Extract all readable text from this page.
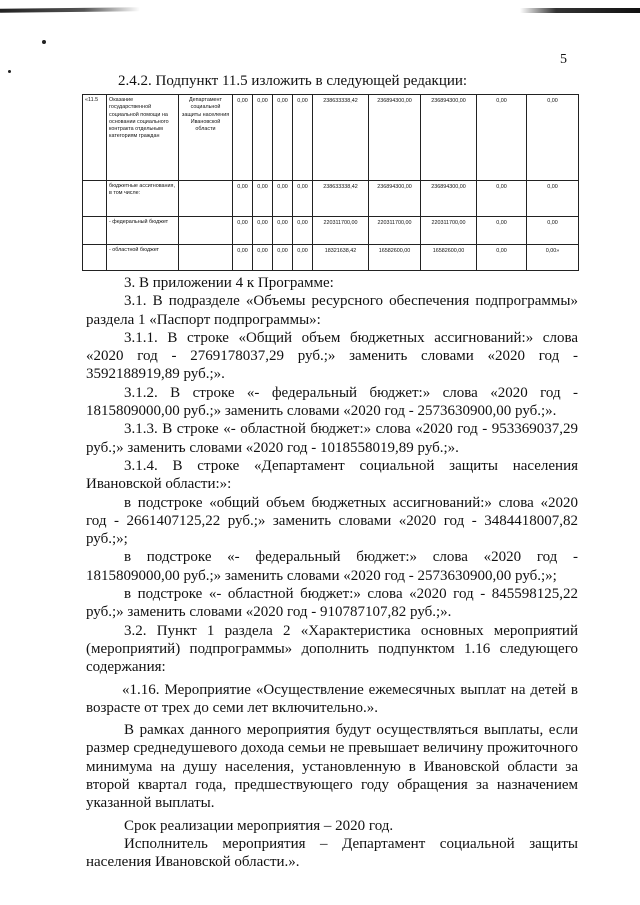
5
2.4.2. Подпункт 11.5 изложить в следующей редакции:
«11.5	Оказание государственной социальной помощи на основании социального контракта отдельным категориям граждан	Департамент социальной защиты населения Ивановской области	0,00	0,00	0,00	0,00	238633338,42	236894300,00	236894300,00	0,00	0,00
	бюджетные ассигнования, в том числе:		0,00	0,00	0,00	0,00	238633338,42	236894300,00	236894300,00	0,00	0,00
	- федеральный бюджет		0,00	0,00	0,00	0,00	220311700,00	220311700,00	220311700,00	0,00	0,00
	- областной бюджет		0,00	0,00	0,00	0,00	18321638,42	16582600,00	16582600,00	0,00	0,00»

3. В приложении 4 к Программе:

3.1. В подразделе «Объемы ресурсного обеспечения подпрограммы» раздела 1 «Паспорт подпрограммы»:

3.1.1. В строке «Общий объем бюджетных ассигнований:» слова «2020 год - 2769178037,29 руб.;» заменить словами «2020 год - 3592188919,89 руб.;».

3.1.2. В строке «- федеральный бюджет:» слова «2020 год - 1815809000,00 руб.;» заменить словами «2020 год - 2573630900,00 руб.;».

3.1.3. В строке «- областной бюджет:» слова «2020 год - 953369037,29 руб.;» заменить словами «2020 год - 1018558019,89 руб.;».

3.1.4. В строке «Департамент социальной защиты населения Ивановской области:»:

в подстроке «общий объем бюджетных ассигнований:» слова «2020 год - 2661407125,22 руб.;» заменить словами «2020 год - 3484418007,82 руб.;»;

в подстроке «- федеральный бюджет:» слова «2020 год - 1815809000,00 руб.;» заменить словами «2020 год - 2573630900,00 руб.;»;

в подстроке «- областной бюджет:» слова «2020 год - 845598125,22 руб.;» заменить словами «2020 год - 910787107,82 руб.;».

3.2. Пункт 1 раздела 2 «Характеристика основных мероприятий (мероприятий) подпрограммы» дополнить подпунктом 1.16 следующего содержания:

«1.16. Мероприятие «Осуществление ежемесячных выплат на детей в возрасте от трех до семи лет включительно.».

В рамках данного мероприятия будут осуществляться выплаты, если размер среднедушевого дохода семьи не превышает величину прожиточного минимума на душу населения, установленную в Ивановской области за второй квартал года, предшествующего году обращения за назначением указанной выплаты.

Срок реализации мероприятия – 2020 год.

Исполнитель мероприятия – Департамент социальной защиты населения Ивановской области.».
